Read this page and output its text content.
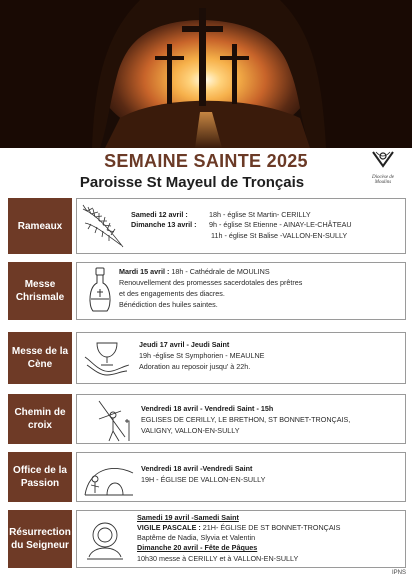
SEMAINE SAINTE 2025
Paroisse St Mayeul de Tronçais	Diocèse de
Moulins
Rameaux
Samedi 12 avril :	18h - église St Martin- CERILLY
Dimanche 13 avril : 9h - église St Etienne - AINAY-LE-CHÂTEAU
11h - église St Balise -VALLON-EN-SULLY
Messe Chrismale
Mardi 15 avril : 18h - Cathédrale de MOULINS
Renouvellement des promesses sacerdotales des prêtres
et des engagements des diacres.
Bénédiction des huiles saintes.
Messe de la Cène
Jeudi 17 avril - Jeudi Saint
19h -église St Symphorien - MEAULNE
Adoration au reposoir jusqu' à 22h.
Chemin de croix
Vendredi 18 avril - Vendredi Saint - 15h
EGLISES DE CERILLY, LE BRETHON, ST BONNET-TRONÇAIS,
VALIGNY, VALLON-EN-SULLY
Office de la Passion
Vendredi 18 avril -Vendredi Saint
19H - ÉGLISE DE VALLON-EN-SULLY
Résurrection du Seigneur
Samedi 19 avril -Samedi Saint
VIGILE PASCALE : 21H- ÉGLISE DE ST BONNET-TRONÇAIS
Baptême de Nadia, Slyvia et Valentin
Dimanche 20 avril - Fête de Pâques
10h30 messe à CERILLY et à VALLON-EN-SULLY
IPNS
